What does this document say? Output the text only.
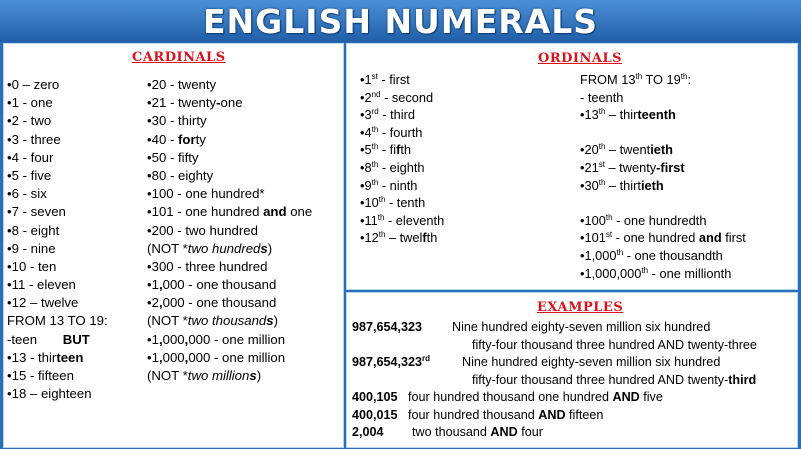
ENGLISH NUMERALS
CARDINALS
•0 – zero
•1 - one
•2 - two
•3 - three
•4 - four
•5 - five
•6 - six
•7 - seven
•8 - eight
•9 - nine
•10 - ten
•11 - eleven
•12 – twelve
FROM 13 TO 19:
-teen       BUT
•13 - thirteen
•15 - fifteen
•18 – eighteen
•20 - twenty
•21 - twenty-one
•30 - thirty
•40 - forty
•50 - fifty
•80 - eighty
•100 - one hundred*
•101 - one hundred and one
•200 - two hundred
(NOT *two hundreds)
•300 - three hundred
•1,000 - one thousand
•2,000 - one thousand
(NOT *two thousands)
•1,000,000 - one million
•1,000,000 - one million
(NOT *two millions)
ORDINALS
•1st - first
•2nd - second
•3rd - third
•4th - fourth
•5th - fifth
•8th - eighth
•9th - ninth
•10th - tenth
•11th - eleventh
•12th – twelfth
FROM 13th TO 19th:
- teenth
•13th – thirteenth
•20th – twentieth
•21st – twenty-first
•30th – thirtieth
•100th - one hundredth
•101st - one hundred and first
•1,000th - one thousandth
•1,000,000th - one millionth
EXAMPLES
987,654,323 Nine hundred eighty-seven million six hundred
fifty-four thousand three hundred AND twenty-three
987,654,323rd	Nine hundred eighty-seven million six hundred
fifty-four thousand three hundred AND twenty-third
400,105 four hundred thousand one hundred AND five
400,015 four hundred thousand AND fifteen
2,004 two thousand AND four
